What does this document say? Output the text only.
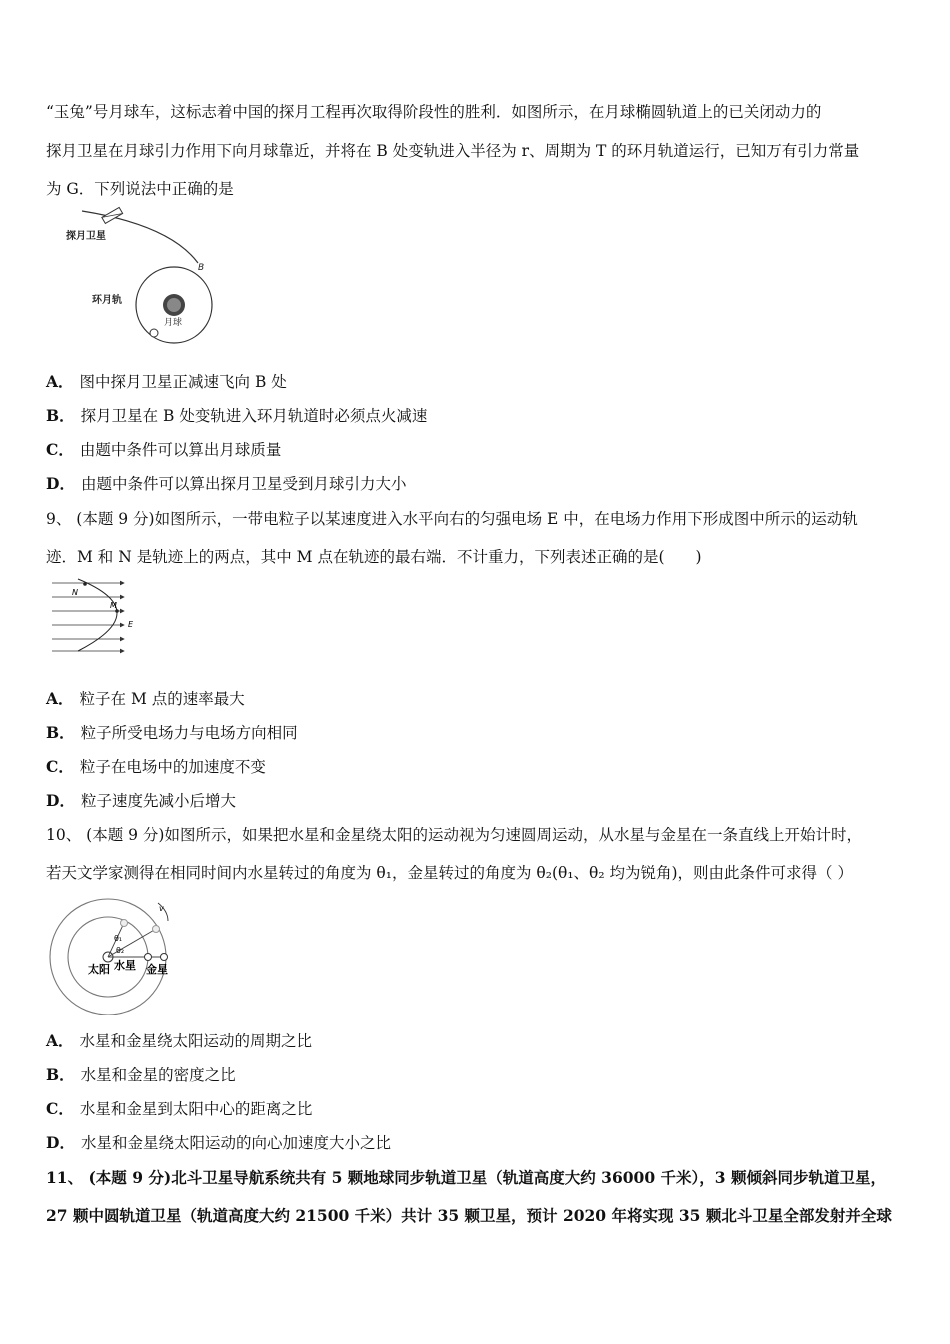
“玉兔”号月球车，这标志着中国的探月工程再次取得阶段性的胜利．如图所示，在月球椭圆轨道上的已关闭动力的
探月卫星在月球引力作用下向月球靠近，并将在 B 处变轨进入半径为 r、周期为 T 的环月轨道运行，已知万有引力常量
为 G．下列说法中正确的是
探月卫星
B
环月轨
月球
A． 图中探月卫星正减速飞向 B 处
B． 探月卫星在 B 处变轨进入环月轨道时必须点火减速
C． 由题中条件可以算出月球质量
D． 由题中条件可以算出探月卫星受到月球引力大小
9、 (本题 9 分)如图所示，一带电粒子以某速度进入水平向右的匀强电场 E 中，在电场力作用下形成图中所示的运动轨
迹．M 和 N 是轨迹上的两点，其中 M 点在轨迹的最右端．不计重力，下列表述正确的是(　　)
N
M
E
A． 粒子在 M 点的速率最大
B． 粒子所受电场力与电场方向相同
C． 粒子在电场中的加速度不变
D． 粒子速度先减小后增大
10、 (本题 9 分)如图所示，如果把水星和金星绕太阳的运动视为匀速圆周运动，从水星与金星在一条直线上开始计时，
若天文学家测得在相同时间内水星转过的角度为 θ₁，金星转过的角度为 θ₂(θ₁、θ₂ 均为锐角)，则由此条件可求得（ ）
v
θ₁
θ₂
太阳 水星 金星
A． 水星和金星绕太阳运动的周期之比
B． 水星和金星的密度之比
C． 水星和金星到太阳中心的距离之比
D． 水星和金星绕太阳运动的向心加速度大小之比
11、 (本题 9 分)北斗卫星导航系统共有 5 颗地球同步轨道卫星（轨道高度大约 36000 千米），3 颗倾斜同步轨道卫星，
27 颗中圆轨道卫星（轨道高度大约 21500 千米）共计 35 颗卫星，预计 2020 年将实现 35 颗北斗卫星全部发射并全球
